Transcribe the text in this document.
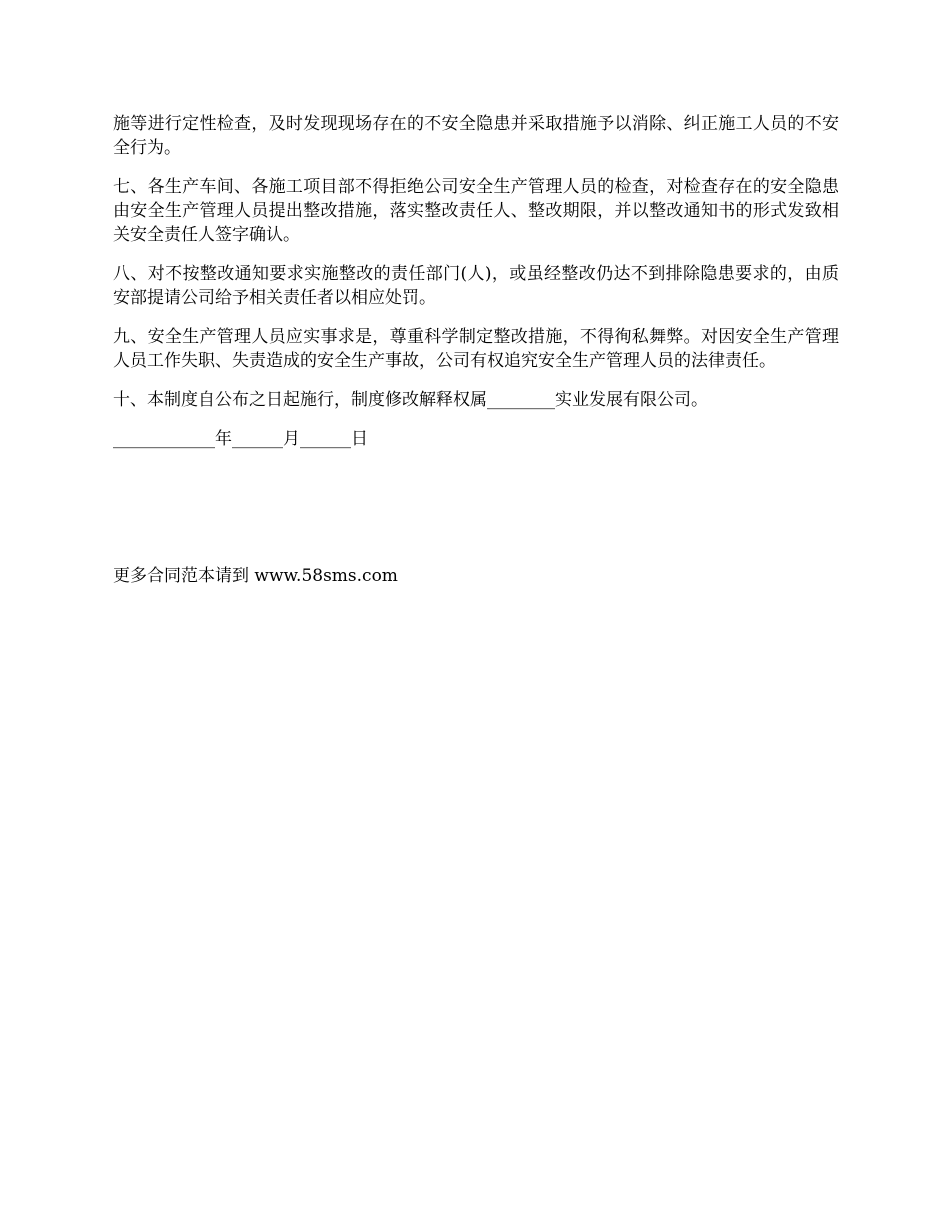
施等进行定性检查，及时发现现场存在的不安全隐患并采取措施予以消除、纠正施工人员的不安全行为。

七、各生产车间、各施工项目部不得拒绝公司安全生产管理人员的检查，对检查存在的安全隐患由安全生产管理人员提出整改措施，落实整改责任人、整改期限，并以整改通知书的形式发致相关安全责任人签字确认。

八、对不按整改通知要求实施整改的责任部门(人)，或虽经整改仍达不到排除隐患要求的，由质安部提请公司给予相关责任者以相应处罚。

九、安全生产管理人员应实事求是，尊重科学制定整改措施，不得徇私舞弊。对因安全生产管理人员工作失职、失责造成的安全生产事故，公司有权追究安全生产管理人员的法律责任。

十、本制度自公布之日起施行，制度修改解释权属________实业发展有限公司。

____________年______月______日

更多合同范本请到 www.58sms.com
